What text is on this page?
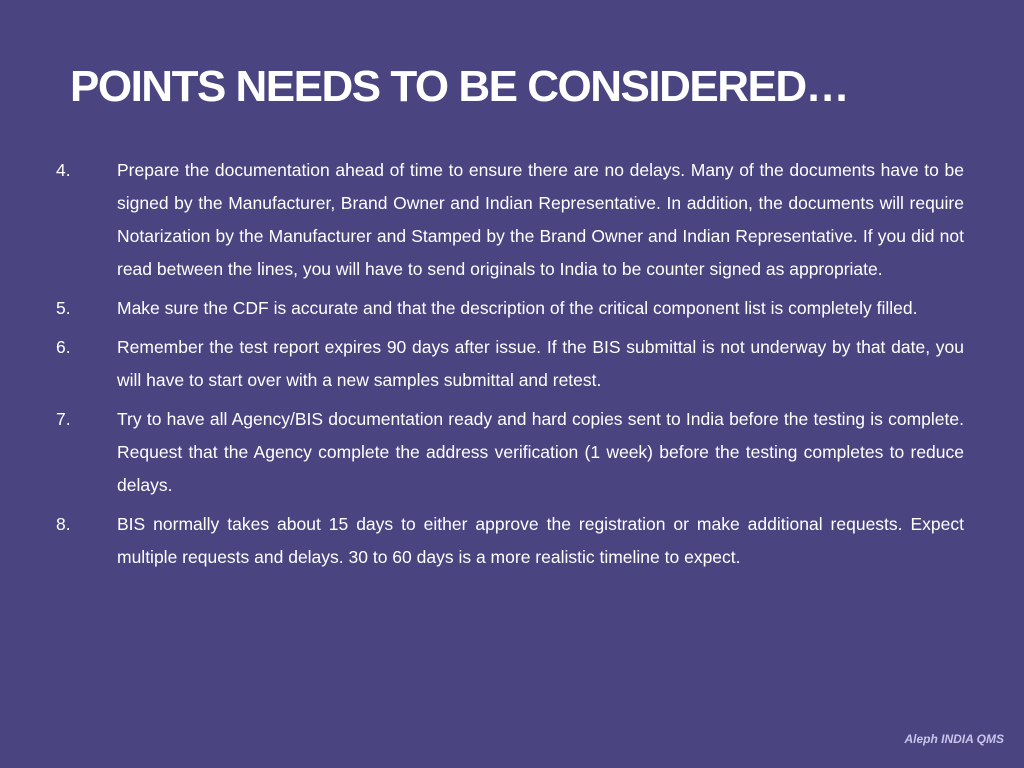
POINTS NEEDS TO BE CONSIDERED…
4.	Prepare the documentation ahead of time to ensure there are no delays. Many of the documents have to be signed by the Manufacturer, Brand Owner and Indian Representative. In addition, the documents will require Notarization by the Manufacturer and Stamped by the Brand Owner and Indian Representative. If you did not read between the lines, you will have to send originals to India to be counter signed as appropriate.
5.	Make sure the CDF is accurate and that the description of the critical component list is completely filled.
6.	Remember the test report expires 90 days after issue. If the BIS submittal is not underway by that date, you will have to start over with a new samples submittal and retest.
7.	Try to have all Agency/BIS documentation ready and hard copies sent to India before the testing is complete. Request that the Agency complete the address verification (1 week) before the testing completes to reduce delays.
8.	BIS normally takes about 15 days to either approve the registration or make additional requests. Expect multiple requests and delays. 30 to 60 days is a more realistic timeline to expect.
Aleph INDIA QMS
